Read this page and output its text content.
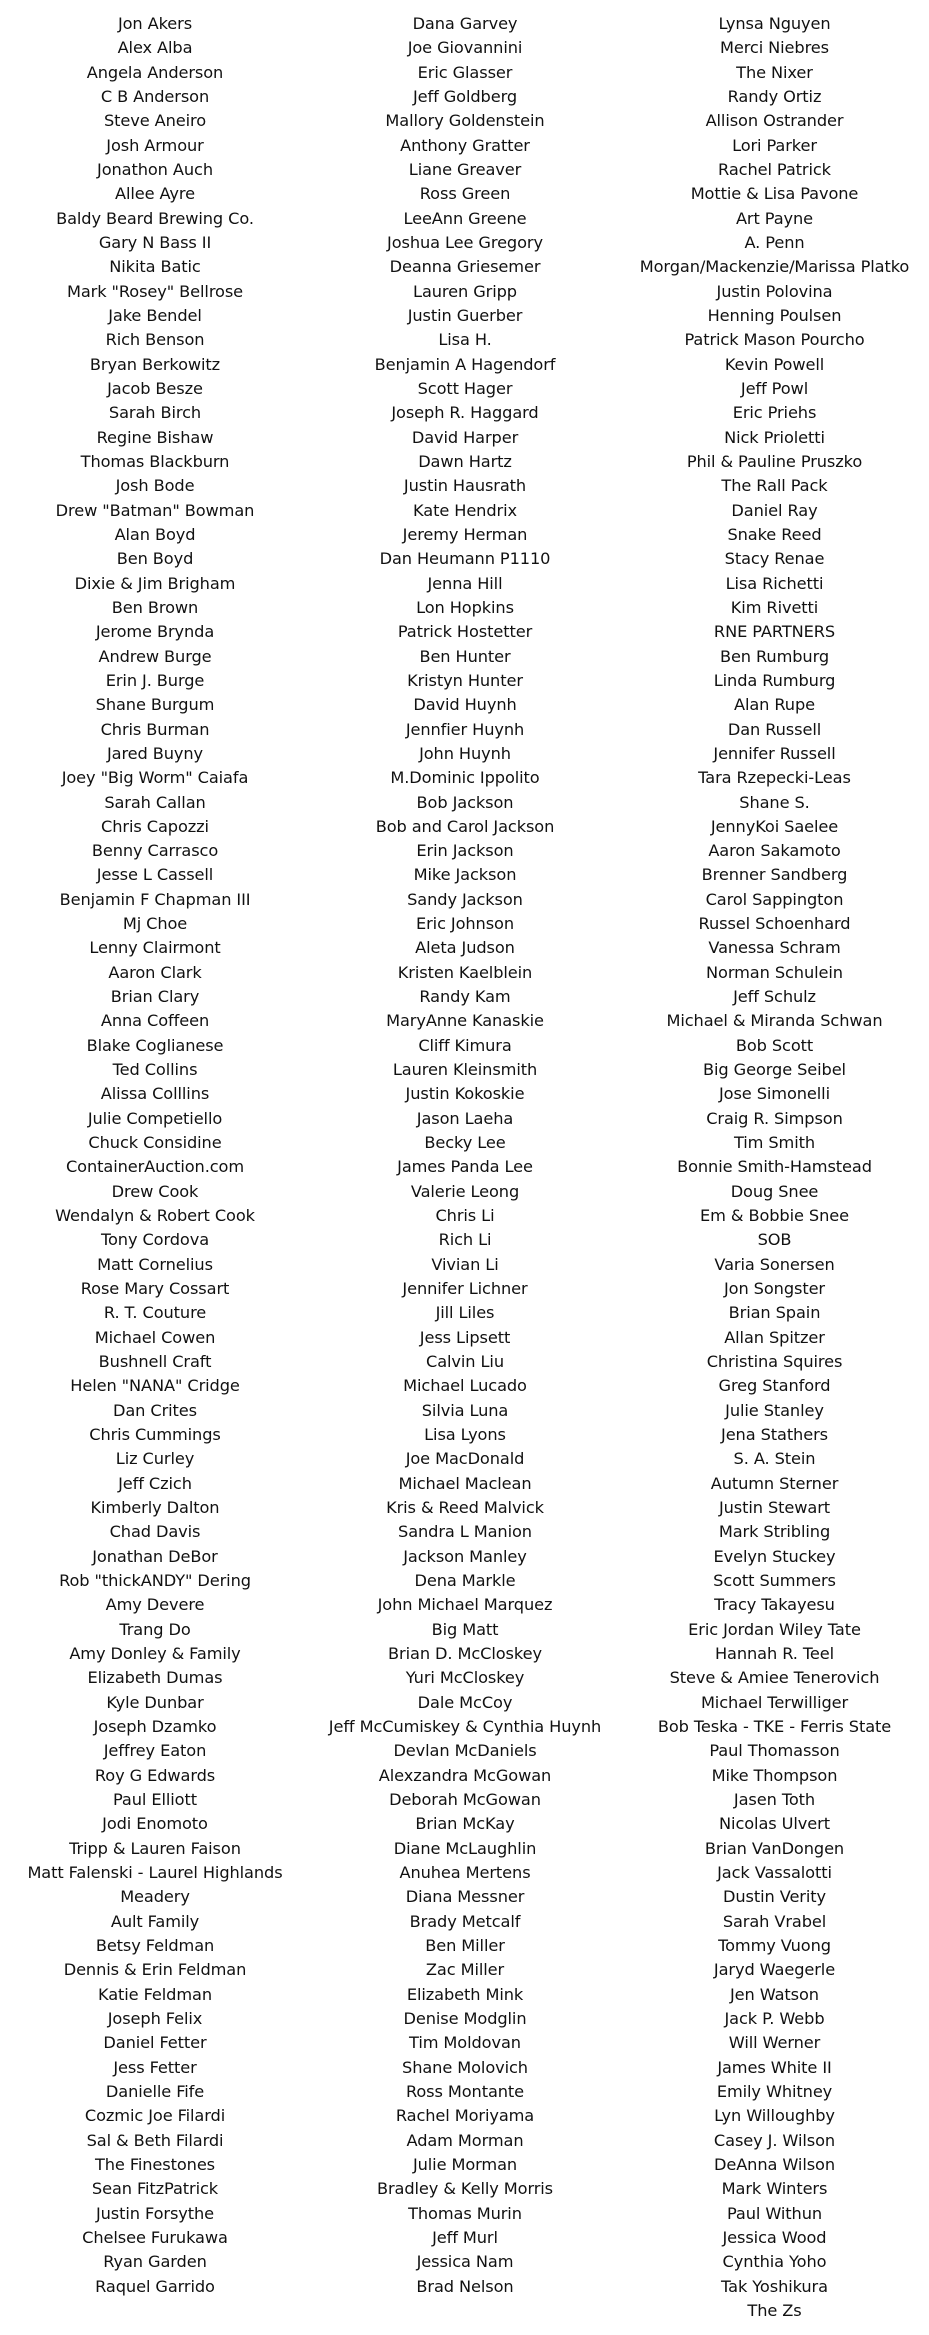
Jon Akers
Alex Alba
Angela Anderson
C B Anderson
Steve Aneiro
Josh Armour
Jonathon Auch
Allee Ayre
Baldy Beard Brewing Co.
Gary N Bass II
Nikita Batic
Mark "Rosey" Bellrose
Jake Bendel
Rich Benson
Bryan Berkowitz
Jacob Besze
Sarah Birch
Regine Bishaw
Thomas Blackburn
Josh Bode
Drew "Batman" Bowman
Alan Boyd
Ben Boyd
Dixie & Jim Brigham
Ben Brown
Jerome Brynda
Andrew Burge
Erin J. Burge
Shane Burgum
Chris Burman
Jared Buyny
Joey "Big Worm" Caiafa
Sarah Callan
Chris Capozzi
Benny Carrasco
Jesse L Cassell
Benjamin F Chapman III
Mj Choe
Lenny Clairmont
Aaron Clark
Brian Clary
Anna Coffeen
Blake Coglianese
Ted Collins
Alissa Colllins
Julie Competiello
Chuck Considine
ContainerAuction.com
Drew Cook
Wendalyn & Robert Cook
Tony Cordova
Matt Cornelius
Rose Mary Cossart
R. T. Couture
Michael Cowen
Bushnell Craft
Helen "NANA" Cridge
Dan Crites
Chris Cummings
Liz Curley
Jeff Czich
Kimberly Dalton
Chad Davis
Jonathan DeBor
Rob "thickANDY" Dering
Amy Devere
Trang Do
Amy Donley & Family
Elizabeth Dumas
Kyle Dunbar
Joseph Dzamko
Jeffrey Eaton
Roy G Edwards
Paul Elliott
Jodi Enomoto
Tripp & Lauren Faison
Matt Falenski - Laurel Highlands
Meadery
Ault Family
Betsy Feldman
Dennis & Erin Feldman
Katie Feldman
Joseph Felix
Daniel Fetter
Jess Fetter
Danielle Fife
Cozmic Joe Filardi
Sal & Beth Filardi
The Finestones
Sean FitzPatrick
Justin Forsythe
Chelsee Furukawa
Ryan Garden
Raquel Garrido
Dana Garvey
Joe Giovannini
Eric Glasser
Jeff Goldberg
Mallory Goldenstein
Anthony Gratter
Liane Greaver
Ross Green
LeeAnn Greene
Joshua Lee Gregory
Deanna Griesemer
Lauren Gripp
Justin Guerber
Lisa H.
Benjamin A Hagendorf
Scott Hager
Joseph R. Haggard
David Harper
Dawn Hartz
Justin Hausrath
Kate Hendrix
Jeremy Herman
Dan Heumann P1110
Jenna Hill
Lon Hopkins
Patrick Hostetter
Ben Hunter
Kristyn Hunter
David Huynh
Jennfier Huynh
John Huynh
M.Dominic Ippolito
Bob Jackson
Bob and Carol Jackson
Erin Jackson
Mike Jackson
Sandy Jackson
Eric Johnson
Aleta Judson
Kristen Kaelblein
Randy Kam
MaryAnne Kanaskie
Cliff Kimura
Lauren Kleinsmith
Justin Kokoskie
Jason Laeha
Becky Lee
James Panda Lee
Valerie Leong
Chris Li
Rich Li
Vivian Li
Jennifer Lichner
Jill Liles
Jess Lipsett
Calvin Liu
Michael Lucado
Silvia Luna
Lisa Lyons
Joe MacDonald
Michael Maclean
Kris & Reed Malvick
Sandra L Manion
Jackson Manley
Dena Markle
John Michael Marquez
Big Matt
Brian D. McCloskey
Yuri McCloskey
Dale McCoy
Jeff McCumiskey & Cynthia Huynh
Devlan McDaniels
Alexzandra McGowan
Deborah McGowan
Brian McKay
Diane McLaughlin
Anuhea Mertens
Diana Messner
Brady Metcalf
Ben Miller
Zac Miller
Elizabeth Mink
Denise Modglin
Tim Moldovan
Shane Molovich
Ross Montante
Rachel Moriyama
Adam Morman
Julie Morman
Bradley & Kelly Morris
Thomas Murin
Jeff Murl
Jessica Nam
Brad Nelson
Lynsa Nguyen
Merci Niebres
The Nixer
Randy Ortiz
Allison Ostrander
Lori Parker
Rachel Patrick
Mottie & Lisa Pavone
Art Payne
A. Penn
Morgan/Mackenzie/Marissa Platko
Justin Polovina
Henning Poulsen
Patrick Mason Pourcho
Kevin Powell
Jeff Powl
Eric Priehs
Nick Prioletti
Phil & Pauline Pruszko
The Rall Pack
Daniel Ray
Snake Reed
Stacy Renae
Lisa Richetti
Kim Rivetti
RNE PARTNERS
Ben Rumburg
Linda Rumburg
Alan Rupe
Dan Russell
Jennifer Russell
Tara Rzepecki-Leas
Shane S.
JennyKoi Saelee
Aaron Sakamoto
Brenner Sandberg
Carol Sappington
Russel Schoenhard
Vanessa Schram
Norman Schulein
Jeff Schulz
Michael & Miranda Schwan
Bob Scott
Big George Seibel
Jose Simonelli
Craig R. Simpson
Tim Smith
Bonnie Smith-Hamstead
Doug Snee
Em & Bobbie Snee
SOB
Varia Sonersen
Jon Songster
Brian Spain
Allan Spitzer
Christina Squires
Greg Stanford
Julie Stanley
Jena Stathers
S. A. Stein
Autumn Sterner
Justin Stewart
Mark Stribling
Evelyn Stuckey
Scott Summers
Tracy Takayesu
Eric Jordan Wiley Tate
Hannah R. Teel
Steve & Amiee Tenerovich
Michael Terwilliger
Bob Teska - TKE - Ferris State
Paul Thomasson
Mike Thompson
Jasen Toth
Nicolas Ulvert
Brian VanDongen
Jack Vassalotti
Dustin Verity
Sarah Vrabel
Tommy Vuong
Jaryd Waegerle
Jen Watson
Jack P. Webb
Will Werner
James White II
Emily Whitney
Lyn Willoughby
Casey J. Wilson
DeAnna Wilson
Mark Winters
Paul Withun
Jessica Wood
Cynthia Yoho
Tak Yoshikura
The Zs
